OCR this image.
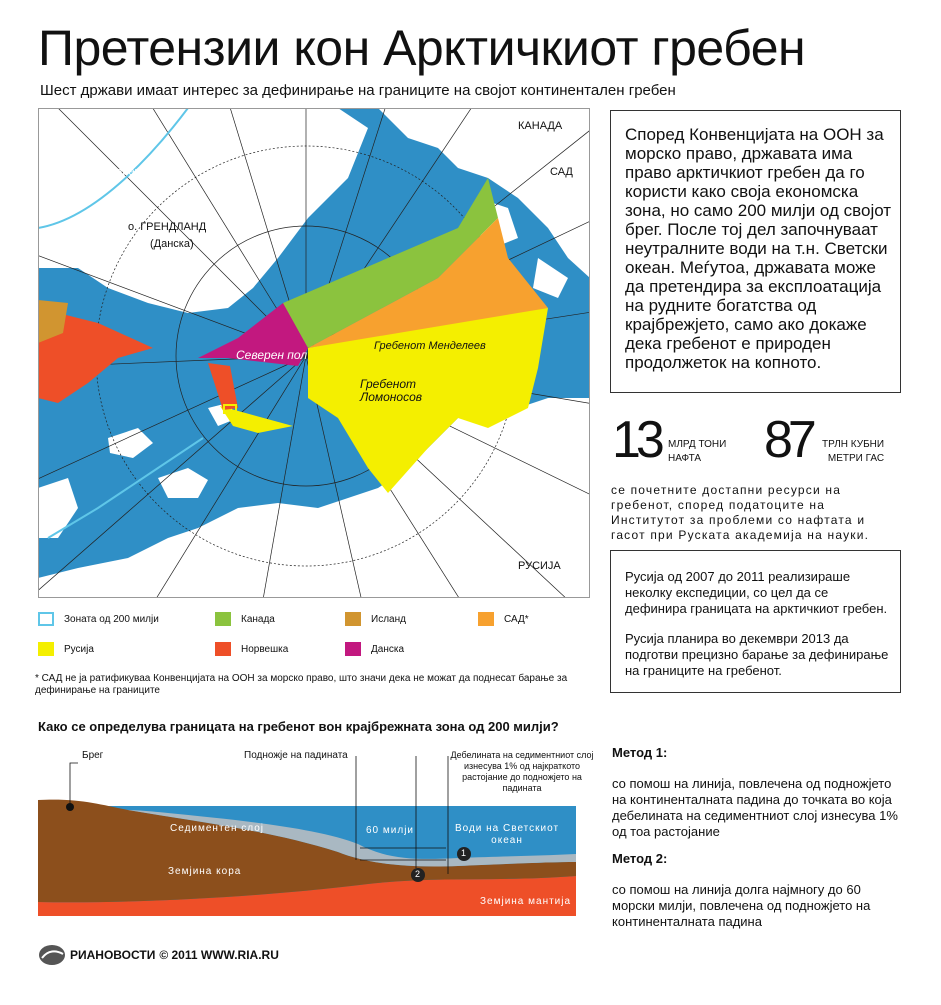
Претензии кон Арктичкиот гребен
Шест држави имаат интерес за дефинирање на границите на својот континентален гребен
КАНАДА
САД
РУСИЈА
Поларен круг
о. ГРЕНДЛАНД
(Данска)
Северен пол
Гребенот Менделеев
Гребенот Ломоносов
Според Конвенцијата на ООН за морско право, државата има право арктичкиот гребен да го користи како своја економска зона, но само 200 милји од својот брег. После тој дел започнуваат неутралните води на т.н. Светски океан. Меѓутоа, државата може да претендира за експлоатација на рудните богатства од крајбрежјето, само ако докаже дека гребенот е природен продолжеток на копното.
13 МЛРД ТОНИ
НАФТА	87 ТРЛН КУБНИ
МЕТРИ ГАС
се почетните достапни ресурси на гребенот, според податоците на Институтот за проблеми со нафтата и гасот при Руската академија на науки.

Русија од 2007 до 2011 реализираше неколку експедиции, со цел да се дефинира границата на арктичкиот гребен.

Русија планира во декември 2013 да подготви прецизно барање за дефинирање на границите на гребенот.

Зоната од 200 милји	Канада	Исланд	САД*
Русија	Норвешка	Данска
* САД не ја ратификуваа Конвенцијата на ООН за морско право, што значи дека не можат да поднесат барање за дефинирање на границите
Како се определува границата на гребенот вон крајбрежната зона од 200 милји?
Брег	Подножје на падината	Дебелината на седиментниот слој изнесува 1% од најкраткото растојание до подножјето на падината
Седиментен слој	60 милји	Води на Светскиот океан
Земјина кора
Земјина мантија
1
2
Метод 1:
со помош на линија, повлечена од подножјето на континенталната падина до точката во која дебелината на седиментниот слој изнесува 1% од тоа растојание
Метод 2:
со помош на линија долга најмногу до 60 морски милји, повлечена од подножјето на континенталната падина
РИАНОВОСТИ © 2011 WWW.RIA.RU
